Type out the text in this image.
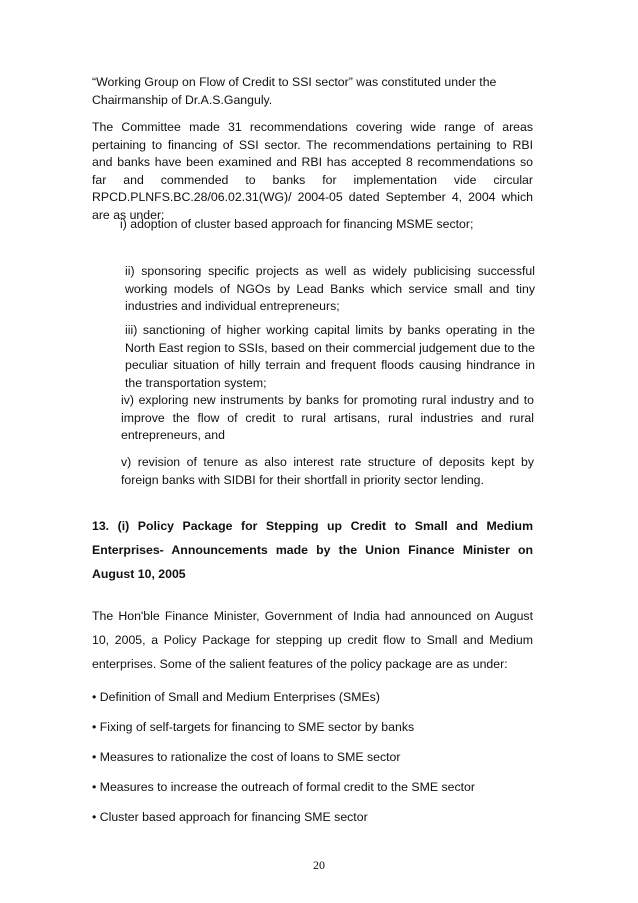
“Working Group on Flow of Credit to SSI sector” was constituted under the
Chairmanship of Dr.A.S.Ganguly.

The Committee made 31 recommendations covering wide range of areas pertaining to financing of SSI sector. The recommendations pertaining to RBI and banks have been examined and RBI has accepted 8 recommendations so far and commended to banks for implementation vide circular RPCD.PLNFS.BC.28/06.02.31(WG)/ 2004-05 dated September 4, 2004 which are as under:

i) adoption of cluster based approach for financing MSME sector;

ii) sponsoring specific projects as well as widely publicising successful working models of NGOs by Lead Banks which service small and tiny industries and individual entrepreneurs;

iii) sanctioning of higher working capital limits by banks operating in the North East region to SSIs, based on their commercial judgement due to the peculiar situation of hilly terrain and frequent floods causing hindrance in the transportation system;

iv) exploring new instruments by banks for promoting rural industry and to improve the flow of credit to rural artisans, rural industries and rural entrepreneurs, and

v) revision of tenure as also interest rate structure of deposits kept by foreign banks with SIDBI for their shortfall in priority sector lending.

13. (i) Policy Package for Stepping up Credit to Small and Medium Enterprises- Announcements made by the Union Finance Minister on August 10, 2005

The Hon'ble Finance Minister, Government of India had announced on August 10, 2005, a Policy Package for stepping up credit flow to Small and Medium enterprises. Some of the salient features of the policy package are as under:

• Definition of Small and Medium Enterprises (SMEs)

• Fixing of self-targets for financing to SME sector by banks

• Measures to rationalize the cost of loans to SME sector

• Measures to increase the outreach of formal credit to the SME sector

• Cluster based approach for financing SME sector

20
